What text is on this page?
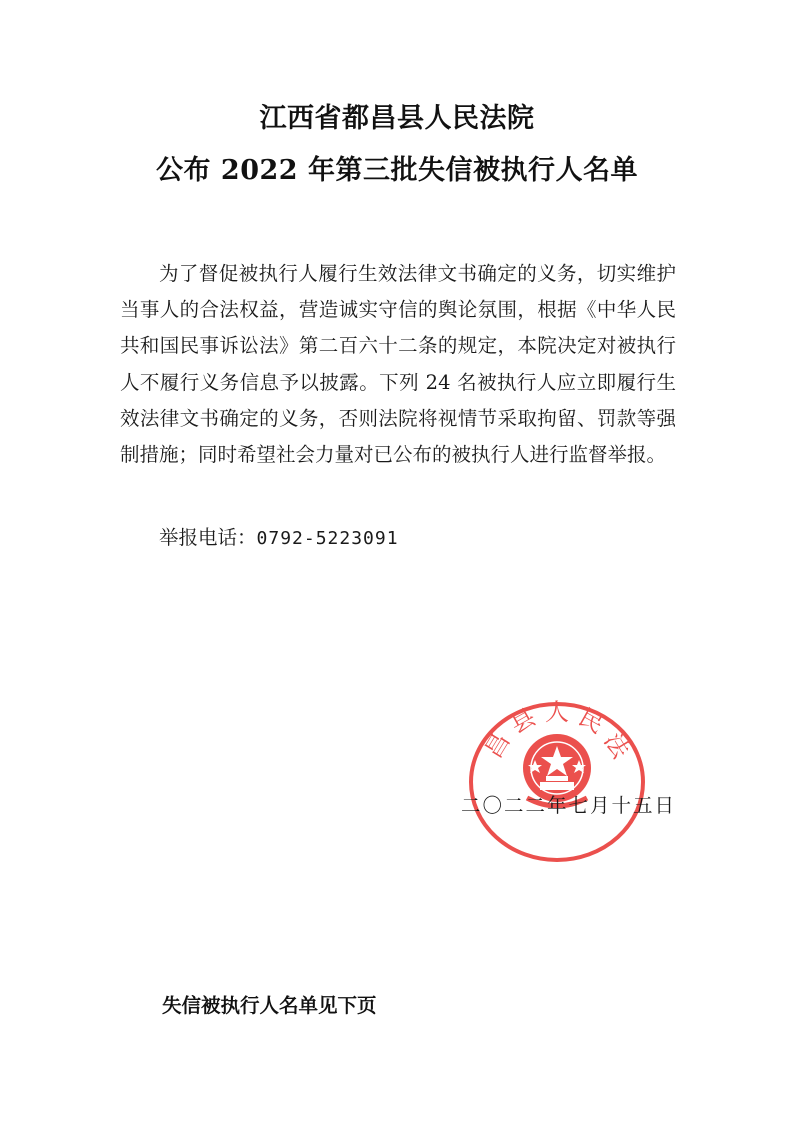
江西省都昌县人民法院
公布 2022 年第三批失信被执行人名单

为了督促被执行人履行生效法律文书确定的义务，切实维护当事人的合法权益，营造诚实守信的舆论氛围，根据《中华人民共和国民事诉讼法》第二百六十二条的规定，本院决定对被执行人不履行义务信息予以披露。下列 24 名被执行人应立即履行生效法律文书确定的义务，否则法院将视情节采取拘留、罚款等强制措施；同时希望社会力量对已公布的被执行人进行监督举报。

举报电话：0792-5223091
昌 县 人 民 法
二〇二二年七月十五日
失信被执行人名单见下页
